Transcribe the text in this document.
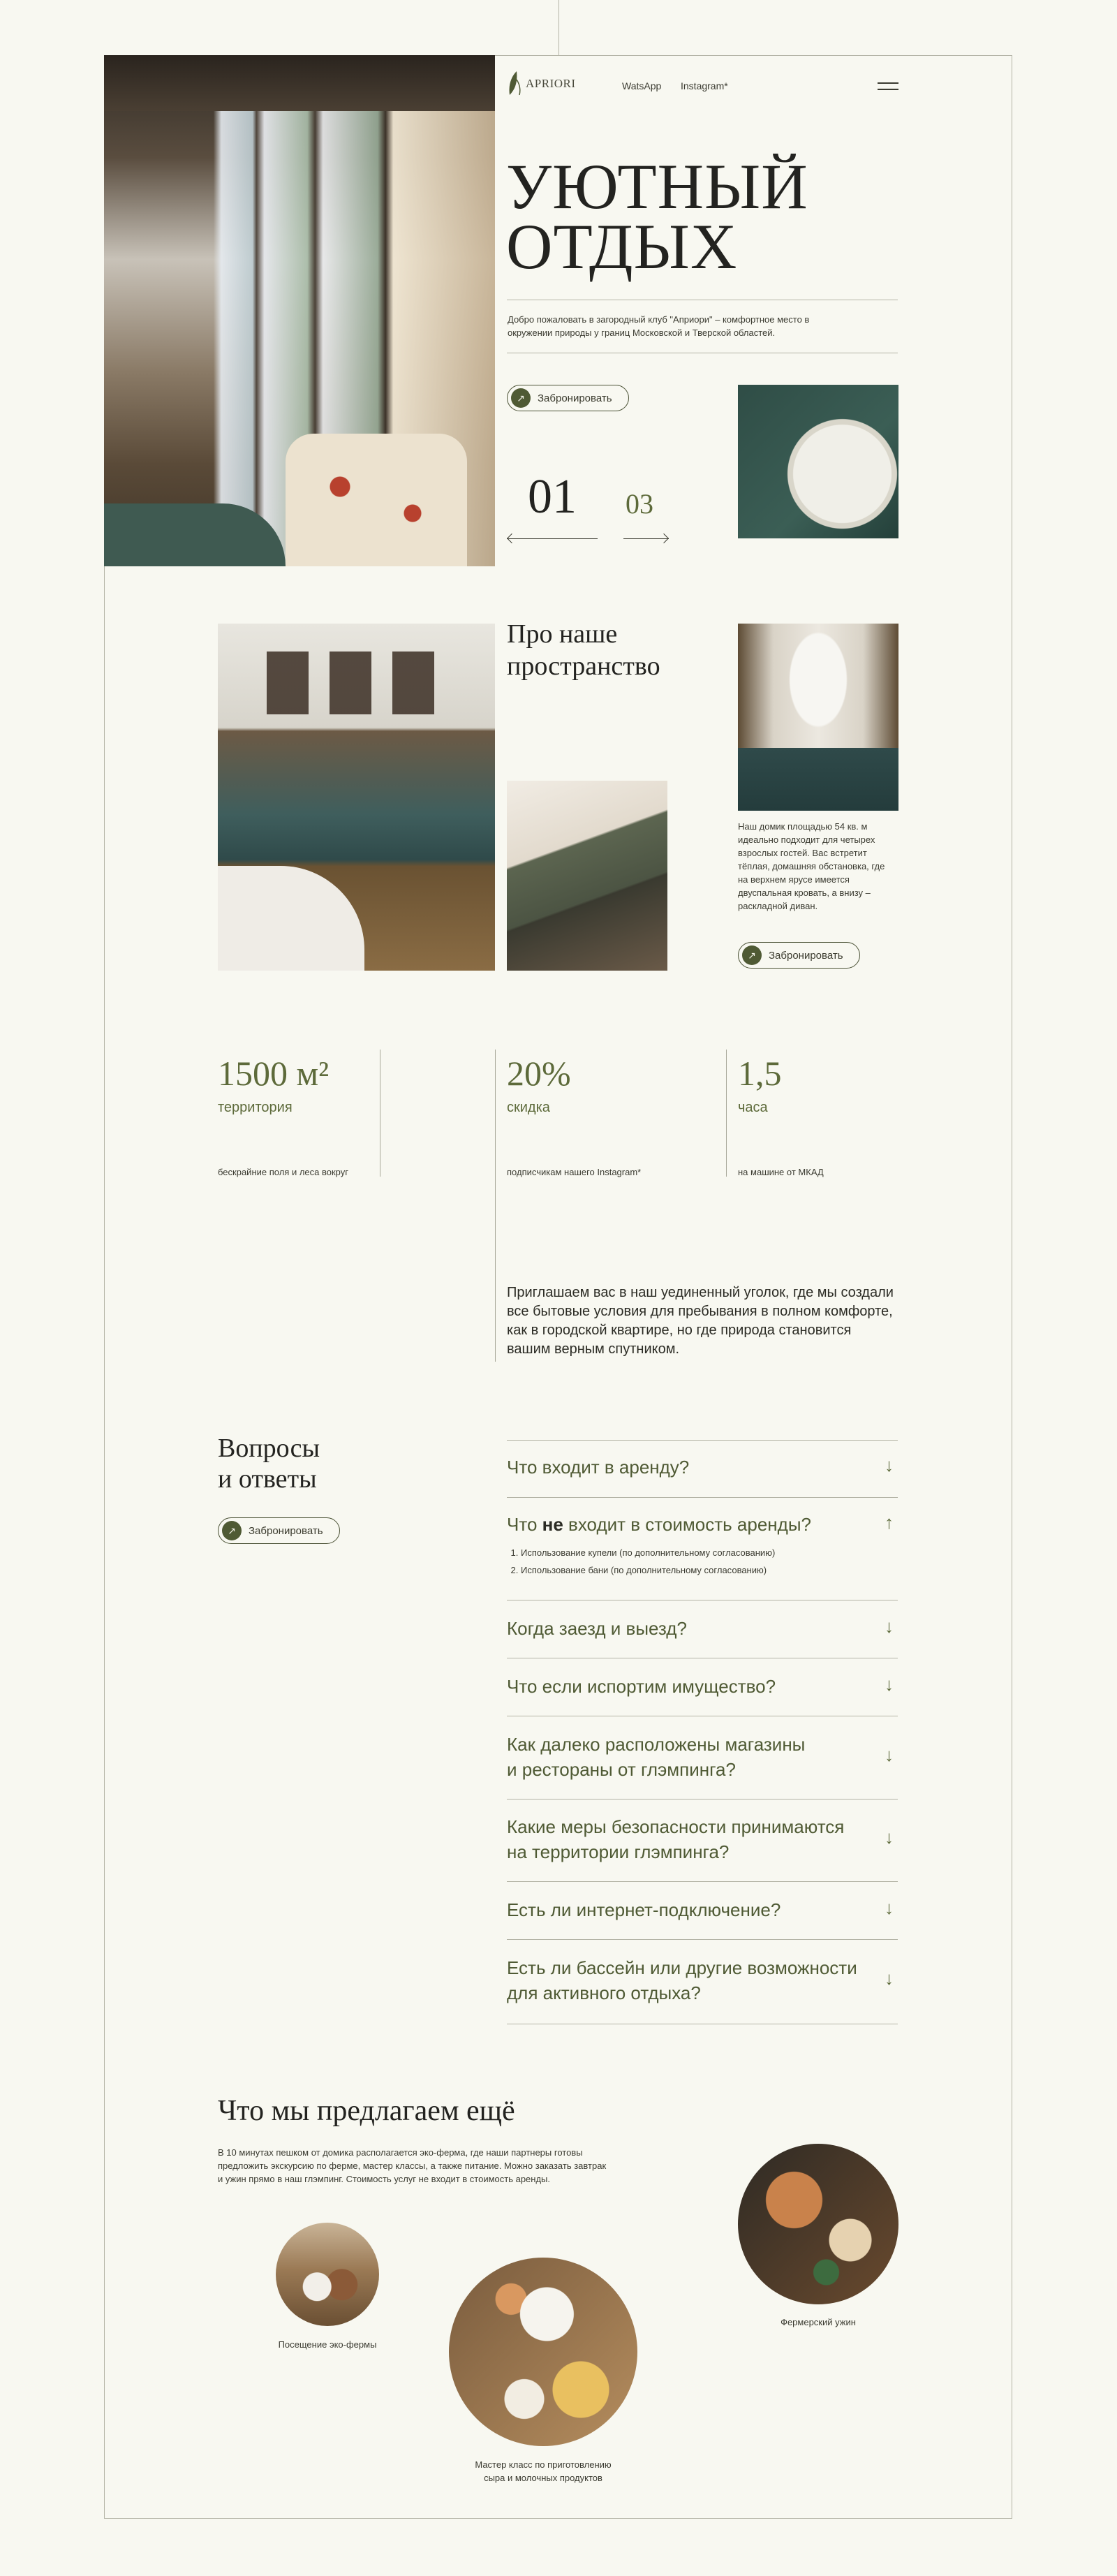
APRIORI	WatsApp Instagram*
УЮТНЫЙ
ОТДЫХ
Добро пожаловать в загородный клуб "Априори" – комфортное место в окружении природы у границ Московской и Тверской областей.
↗	Забронировать
01 03
Про наше
пространство
Наш домик площадью 54 кв. м идеально подходит для четырех взрослых гостей. Вас встретит тёплая, домашняя обстановка, где на верхнем ярусе имеется двуспальная кровать, а внизу – раскладной диван.
↗	Забронировать
1500 м²
территория
бескрайние поля и леса вокруг
20%
скидка
подписчикам нашего Instagram*
1,5
часа
на машине от МКАД
Приглашаем вас в наш уединенный уголок, где мы создали все бытовые условия для пребывания в полном комфорте, как в городской квартире, но где природа становится вашим верным спутником.
Вопросы
и ответы
↗	Забронировать
Что входит в аренду?	↓
Что не входит в стоимость аренды?	↑
1. Использование купели (по дополнительному согласованию)
2. Использование бани (по дополнительному согласованию)
Когда заезд и выезд?	↓
Что если испортим имущество?	↓
Как далеко расположены магазины
и рестораны от глэмпинга?
↓
Какие меры безопасности принимаются
на территории глэмпинга?
↓
Есть ли интернет-подключение?	↓
Есть ли бассейн или другие возможности
для активного отдыха?
↓
Что мы предлагаем ещё
В 10 минутах пешком от домика располагается эко-ферма, где наши партнеры готовы предложить экскурсию по ферме, мастер классы, а также питание. Можно заказать завтрак и ужин прямо в наш глэмпинг. Стоимость услуг не входит в стоимость аренды.
Посещение эко-фермы
Мастер класс по приготовлению
сыра и молочных продуктов
Фермерский ужин
